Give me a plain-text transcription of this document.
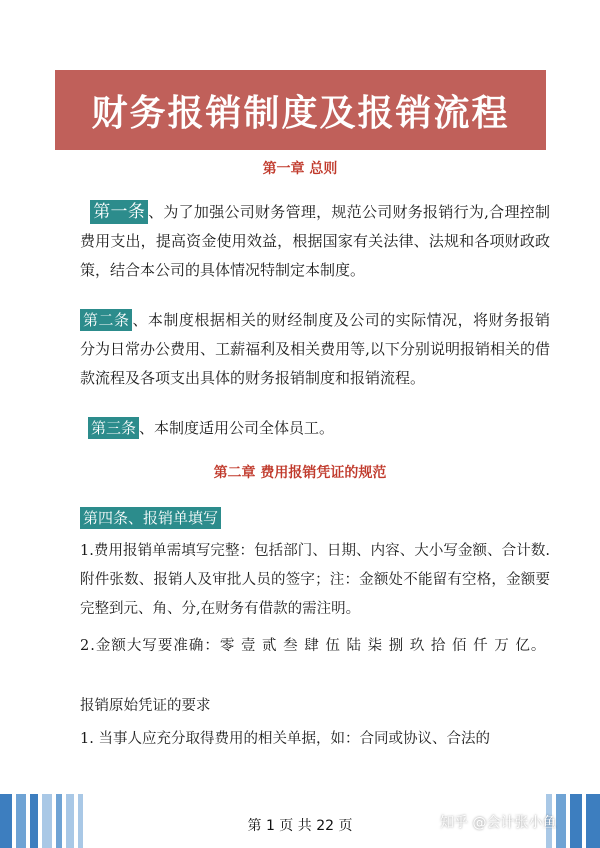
财务报销制度及报销流程
第一章 总则
第一条 、为了加强公司财务管理，规范公司财务报销行为,合理控制费用支出，提高资金使用效益，根据国家有关法律、法规和各项财政政策，结合本公司的具体情况特制定本制度。
第二条 、本制度根据相关的财经制度及公司的实际情况，将财务报销分为日常办公费用、工薪福利及相关费用等,以下分别说明报销相关的借款流程及各项支出具体的财务报销制度和报销流程。
第三条 、本制度适用公司全体员工。
第二章 费用报销凭证的规范
第四条、报销单填写
1.费用报销单需填写完整：包括部门、日期、内容、大小写金额、合计数.附件张数、报销人及审批人员的签字；注：金额处不能留有空格，金额要完整到元、角、分,在财务有借款的需注明。
2.金额大写要准确：零 壹 贰 叁 肆 伍 陆 柒 捌 玖 拾 佰 仟 万 亿。
报销原始凭证的要求
1. 当事人应充分取得费用的相关单据，如：合同或协议、合法的
第 1 页 共 22 页	知乎 @会计张小鱼
